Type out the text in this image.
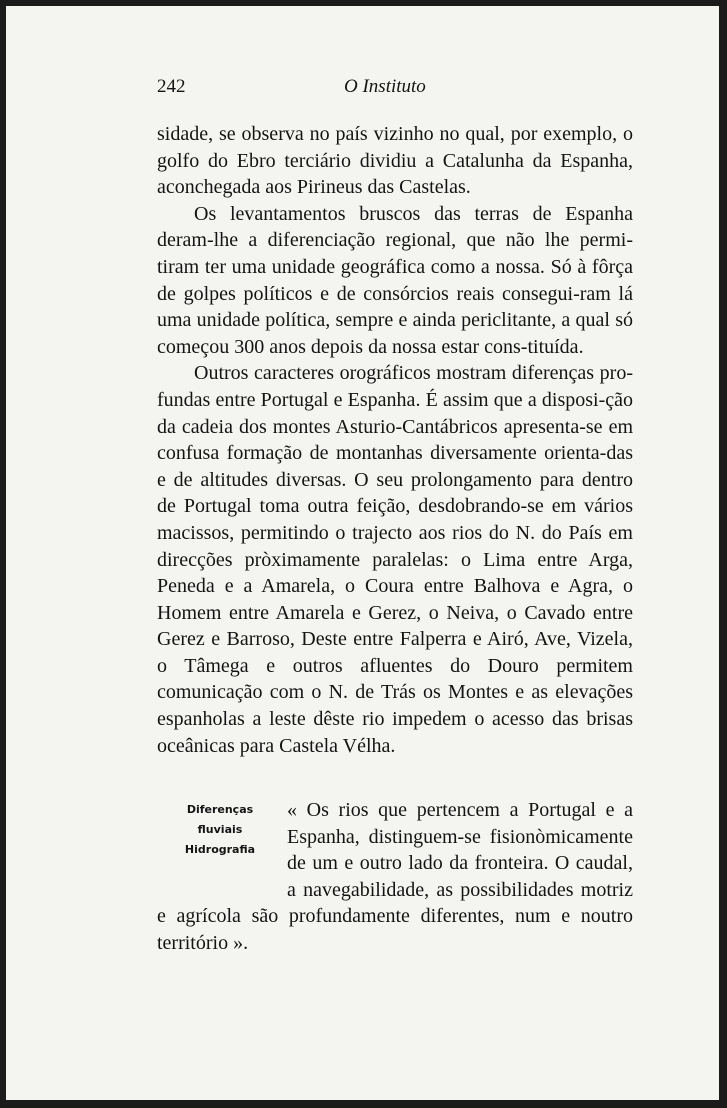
242	O Instituto

sidade, se observa no país vizinho no qual, por exemplo, o golfo do Ebro terciário dividiu a Catalunha da Espanha, aconchegada aos Pirineus das Castelas.

Os levantamentos bruscos das terras de Espanha deram-lhe a diferenciação regional, que não lhe permi-tiram ter uma unidade geográfica como a nossa. Só à fôrça de golpes políticos e de consórcios reais consegui-ram lá uma unidade política, sempre e ainda periclitante, a qual só começou 300 anos depois da nossa estar cons-tituída.

Outros caracteres orográficos mostram diferenças pro-fundas entre Portugal e Espanha. É assim que a disposi-ção da cadeia dos montes Asturio-Cantábricos apresenta-se em confusa formação de montanhas diversamente orienta-das e de altitudes diversas. O seu prolongamento para dentro de Portugal toma outra feição, desdobrando-se em vários macissos, permitindo o trajecto aos rios do N. do País em direcções pròximamente paralelas: o Lima entre Arga, Peneda e a Amarela, o Coura entre Balhova e Agra, o Homem entre Amarela e Gerez, o Neiva, o Cavado entre Gerez e Barroso, Deste entre Falperra e Airó, Ave, Vizela, o Tâmega e outros afluentes do Douro permitem comunicação com o N. de Trás os Montes e as elevações espanholas a leste dêste rio impedem o acesso das brisas oceânicas para Castela Vélha.

Diferenças
fluviais
Hidrografia

« Os rios que pertencem a Portugal e a Espanha, distinguem-se fisionòmicamente de um e outro lado da fronteira. O caudal, a navegabilidade, as possibilidades motriz e agrícola são profundamente diferentes, num e noutro território ».
